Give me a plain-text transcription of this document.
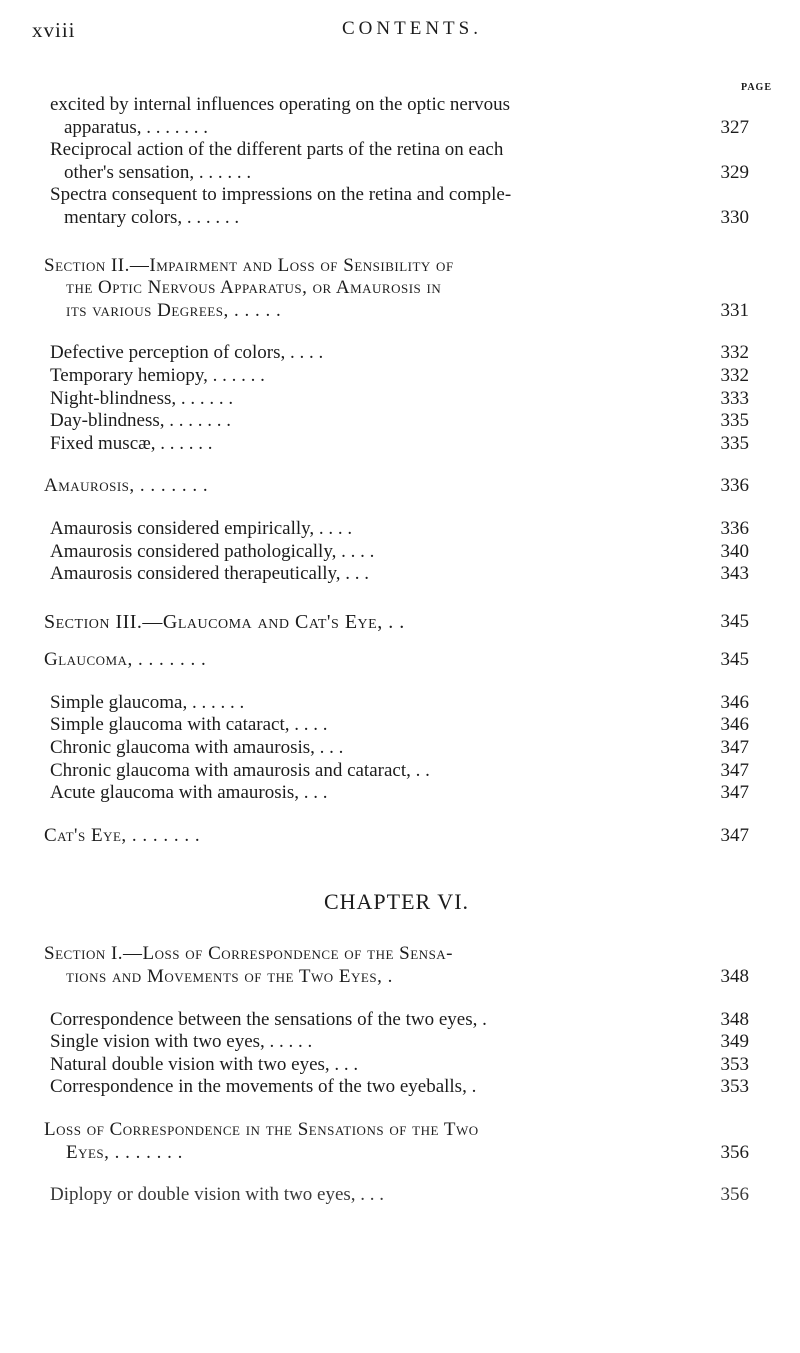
xviii	CONTENTS.
PAGE
excited by internal influences operating on the optic nervous
apparatus, . . . . . . .	327
Reciprocal action of the different parts of the retina on each
other's sensation, . . . . . .	329
Spectra consequent to impressions on the retina and comple-
mentary colors, . . . . . .	330
Section II.—Impairment and Loss of Sensibility of
the Optic Nervous Apparatus, or Amaurosis in
its various Degrees, . . . . .	331
Defective perception of colors, . . . .	332
Temporary hemiopy, . . . . . .	332
Night-blindness, . . . . . .	333
Day-blindness, . . . . . . .	335
Fixed muscæ, . . . . . .	335
Amaurosis, . . . . . . .	336
Amaurosis considered empirically, . . . .	336
Amaurosis considered pathologically, . . . .	340
Amaurosis considered therapeutically, . . .	343
Section III.—Glaucoma and Cat's Eye, . .	345
Glaucoma, . . . . . . .	345
Simple glaucoma, . . . . . .	346
Simple glaucoma with cataract, . . . .	346
Chronic glaucoma with amaurosis, . . .	347
Chronic glaucoma with amaurosis and cataract, . .	347
Acute glaucoma with amaurosis, . . .	347
Cat's Eye, . . . . . . .	347
CHAPTER VI.
Section I.—Loss of Correspondence of the Sensa-
tions and Movements of the Two Eyes, .	348
Correspondence between the sensations of the two eyes, .	348
Single vision with two eyes, . . . . .	349
Natural double vision with two eyes, . . .	353
Correspondence in the movements of the two eyeballs, .	353
Loss of Correspondence in the Sensations of the Two
Eyes, . . . . . . .	356
Diplopy or double vision with two eyes, . . .	356
